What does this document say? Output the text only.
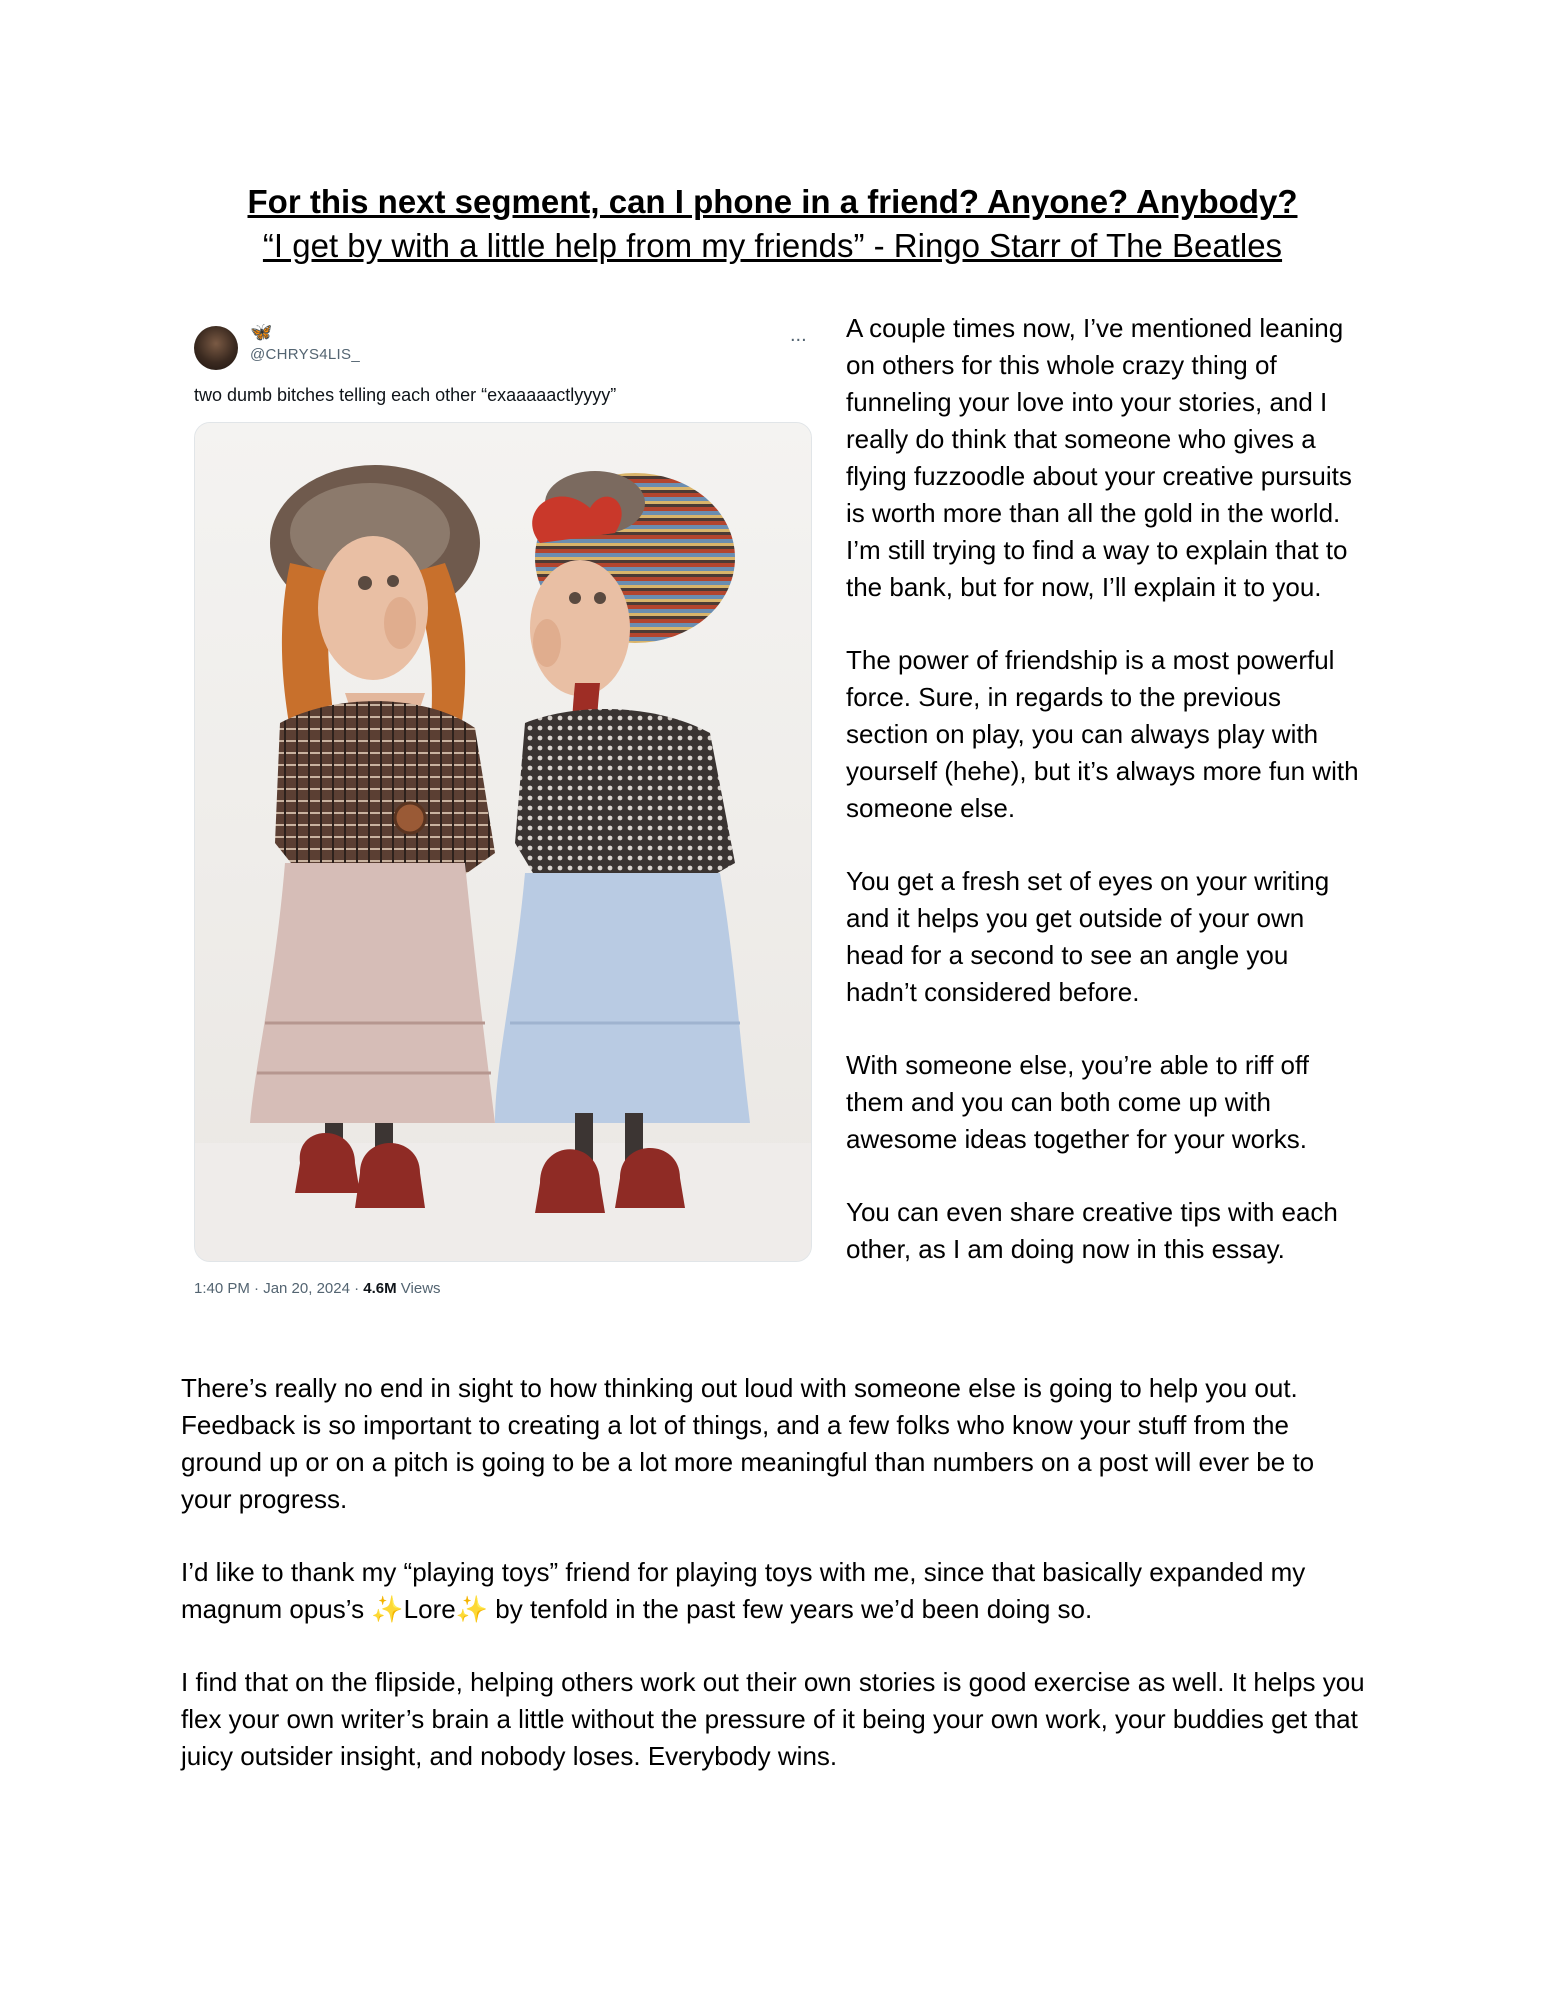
For this next segment, can I phone in a friend? Anyone? Anybody?
“I get by with a little help from my friends” - Ringo Starr of The Beatles
🦋
@CHRYS4LIS_
...
two dumb bitches telling each other “exaaaaactlyyyy”
1:40 PM · Jan 20, 2024 · 4.6M Views

A couple times now, I’ve mentioned leaning on others for this whole crazy thing of funneling your love into your stories, and I really do think that someone who gives a flying fuzzoodle about your creative pursuits is worth more than all the gold in the world. I’m still trying to find a way to explain that to the bank, but for now, I’ll explain it to you.

The power of friendship is a most powerful force. Sure, in regards to the previous section on play, you can always play with yourself (hehe), but it’s always more fun with someone else.

You get a fresh set of eyes on your writing and it helps you get outside of your own head for a second to see an angle you hadn’t considered before.

With someone else, you’re able to riff off them and you can both come up with awesome ideas together for your works.

You can even share creative tips with each other, as I am doing now in this essay.

There’s really no end in sight to how thinking out loud with someone else is going to help you out. Feedback is so important to creating a lot of things, and a few folks who know your stuff from the ground up or on a pitch is going to be a lot more meaningful than numbers on a post will ever be to your progress.

I’d like to thank my “playing toys” friend for playing toys with me, since that basically expanded my magnum opus’s ✨Lore✨ by tenfold in the past few years we’d been doing so.

I find that on the flipside, helping others work out their own stories is good exercise as well. It helps you flex your own writer’s brain a little without the pressure of it being your own work, your buddies get that juicy outsider insight, and nobody loses. Everybody wins.
